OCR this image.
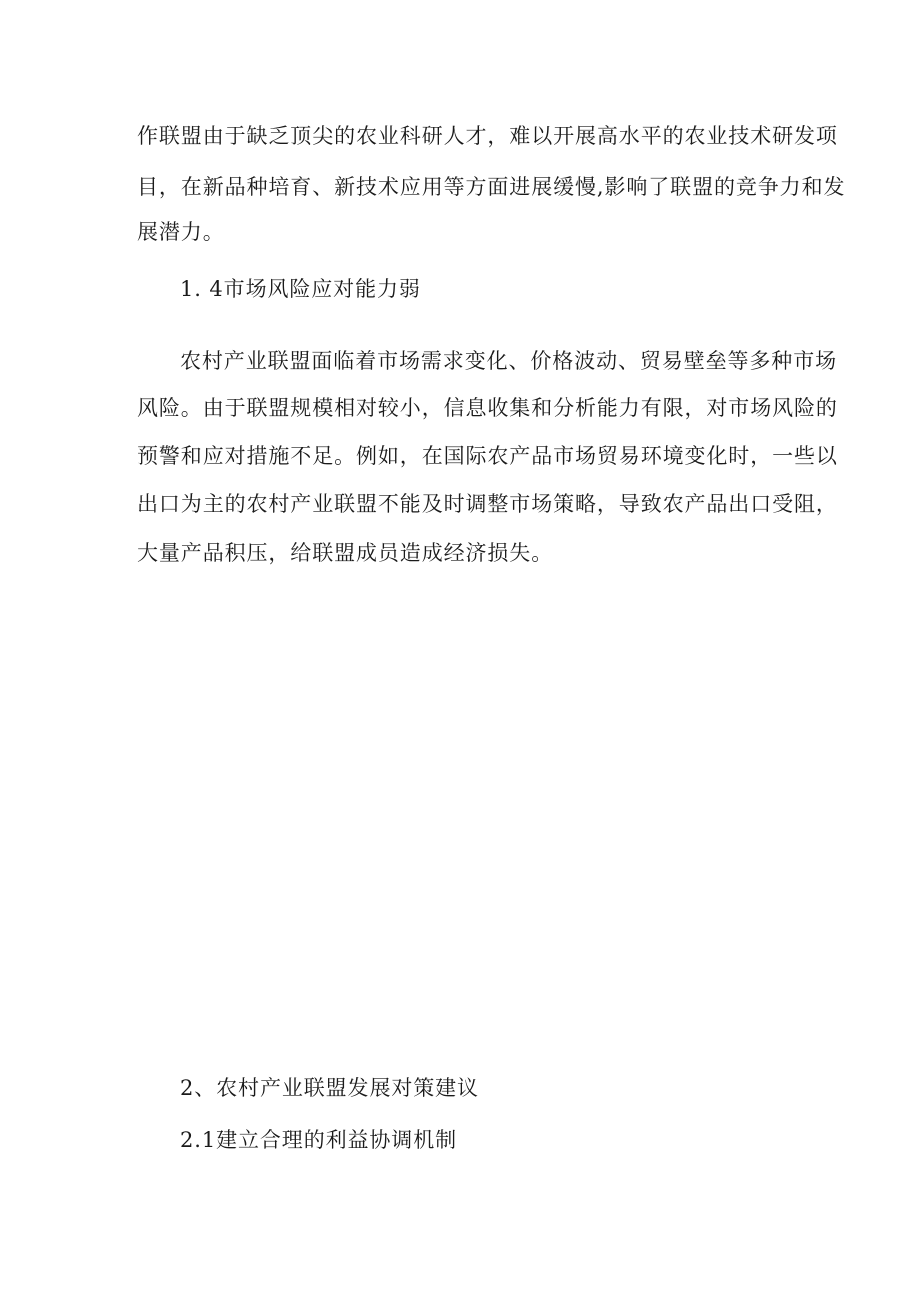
作联盟由于缺乏顶尖的农业科研人才，难以开展高水平的农业技术研发项
目，在新品种培育、新技术应用等方面进展缓慢,影响了联盟的竞争力和发
展潜力。
1. 4市场风险应对能力弱
农村产业联盟面临着市场需求变化、价格波动、贸易壁垒等多种市场
风险。由于联盟规模相对较小，信息收集和分析能力有限，对市场风险的
预警和应对措施不足。例如，在国际农产品市场贸易环境变化时，一些以
出口为主的农村产业联盟不能及时调整市场策略，导致农产品出口受阻，
大量产品积压，给联盟成员造成经济损失。
2、农村产业联盟发展对策建议
2.1建立合理的利益协调机制
